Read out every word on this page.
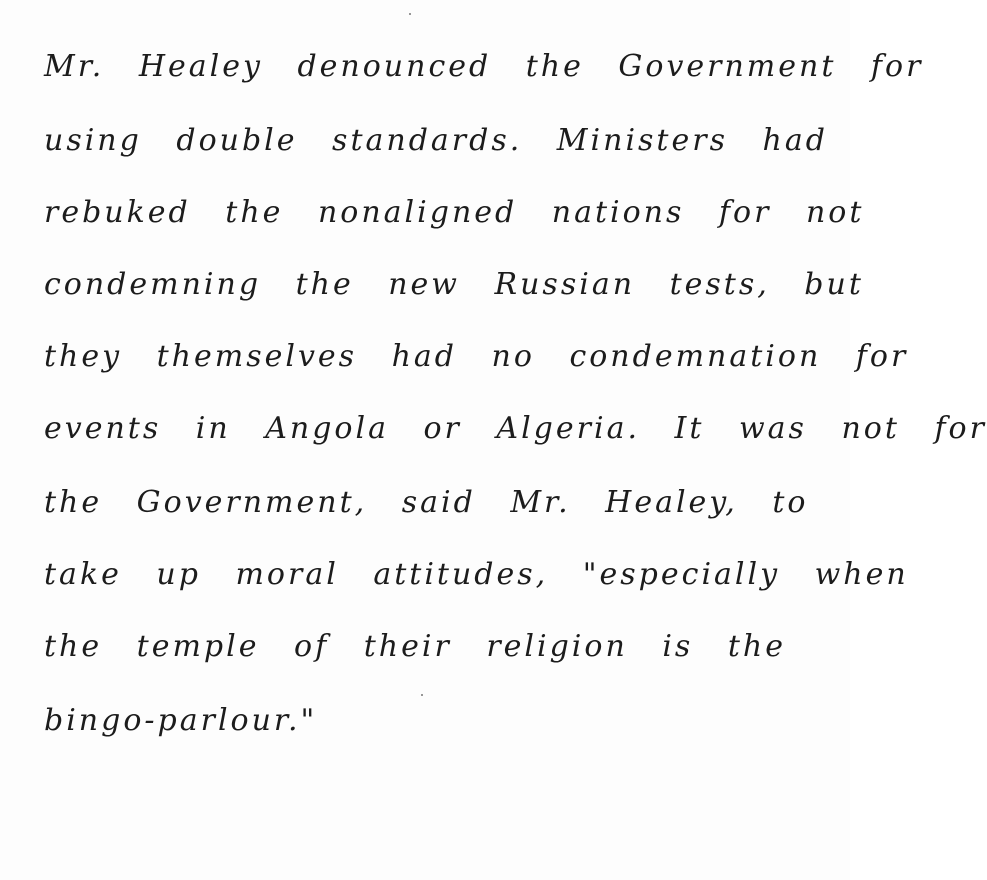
Mr. Healey denounced the Government for
using double standards. Ministers had
rebuked the nonaligned nations for not
condemning the new Russian tests, but
they themselves had no condemnation for
events in Angola or Algeria. It was not for
the Government, said Mr. Healey, to
take up moral attitudes, "especially when
the temple of their religion is the
bingo-parlour."
